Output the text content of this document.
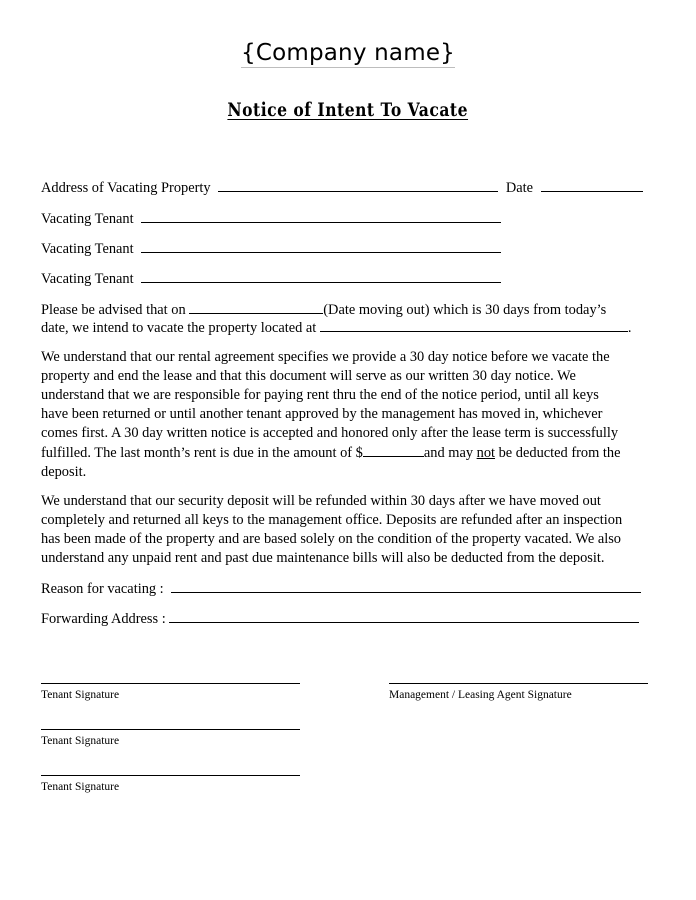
{Company name}
Notice of Intent To Vacate
Address of Vacating Property	Date
Vacating Tenant
Vacating Tenant
Vacating Tenant
Please be advised that on	(Date moving out) which is 30 days from today’s
date, we intend to vacate the property located at	.
We understand that our rental agreement specifies we provide a 30 day notice before we vacate the
property and end the lease and that this document will serve as our written 30 day notice. We
understand that we are responsible for paying rent thru the end of the notice period, until all keys
have been returned or until another tenant approved by the management has moved in, whichever
comes first. A 30 day written notice is accepted and honored only after the lease term is successfully
fulfilled. The last month’s rent is due in the amount of $	and may not be deducted from the
deposit.
We understand that our security deposit will be refunded within 30 days after we have moved out
completely and returned all keys to the management office. Deposits are refunded after an inspection
has been made of the property and are based solely on the condition of the property vacated. We also
understand any unpaid rent and past due maintenance bills will also be deducted from the deposit.
Reason for vacating :
Forwarding Address :
Tenant Signature	Management / Leasing Agent Signature
Tenant Signature
Tenant Signature
